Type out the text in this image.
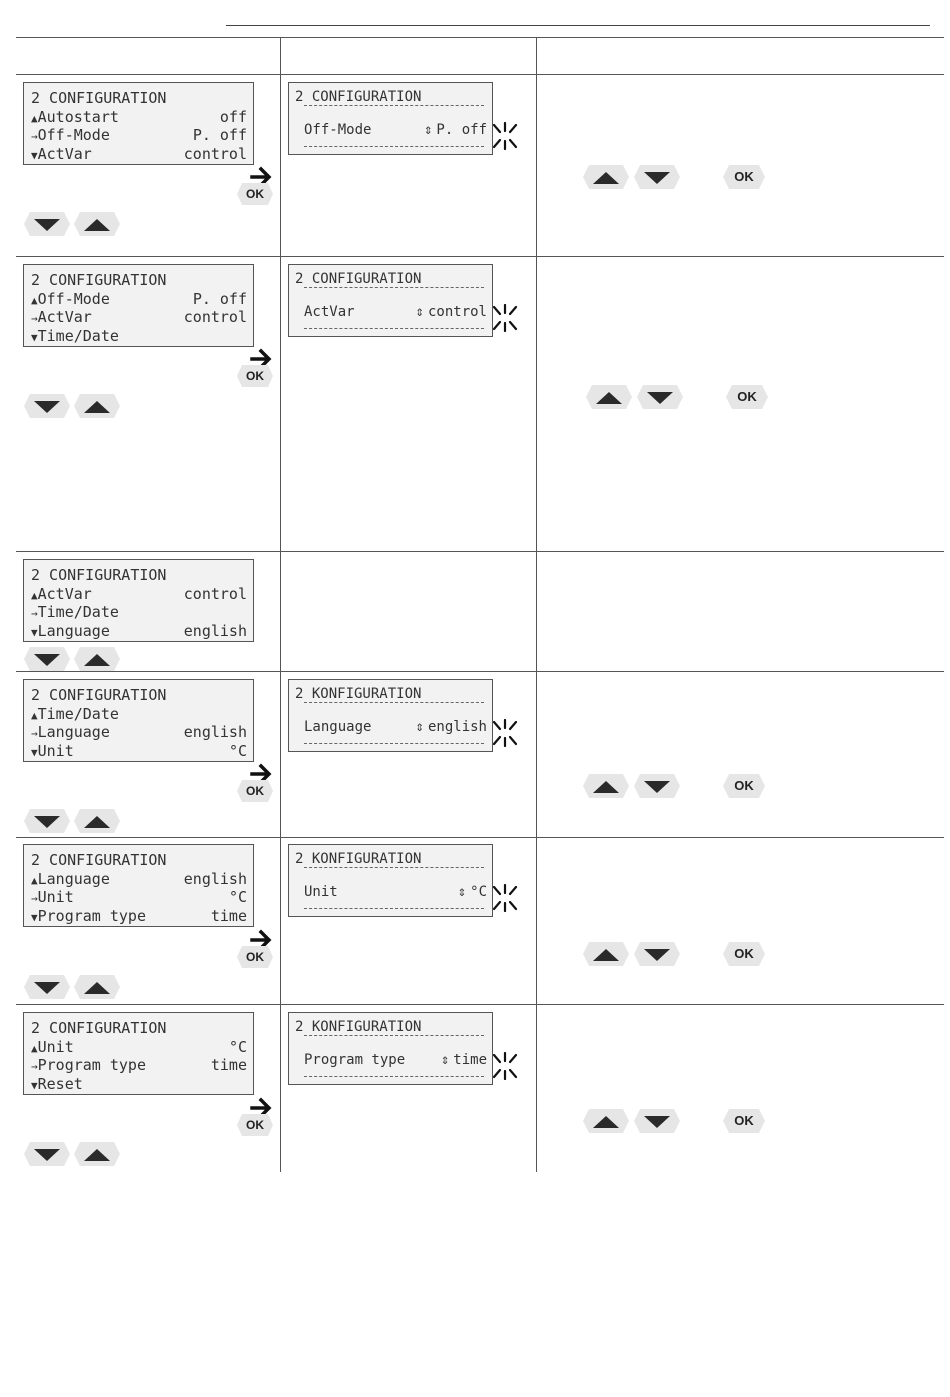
2 CONFIGURATION
▲Autostart	off
→Off-Mode	P. off
▼ActVar	control
OK
2 CONFIGURATION
Off-Mode	⇕ P. off
OK
2 CONFIGURATION
▲Off-Mode	P. off
→ActVar	control
▼Time/Date
OK
2 CONFIGURATION
ActVar	⇕ control
OK
2 CONFIGURATION
▲ActVar	control
→Time/Date
▼Language	english
2 CONFIGURATION
▲Time/Date
→Language	english
▼Unit	°C
OK
2 KONFIGURATION
Language	⇕ english
OK
2 CONFIGURATION
▲Language	english
→Unit	°C
▼Program type	time
OK
2 KONFIGURATION
Unit	⇕ °C
OK
2 CONFIGURATION
▲Unit	°C
→Program type	time
▼Reset
OK
2 KONFIGURATION
Program type	⇕ time
OK
